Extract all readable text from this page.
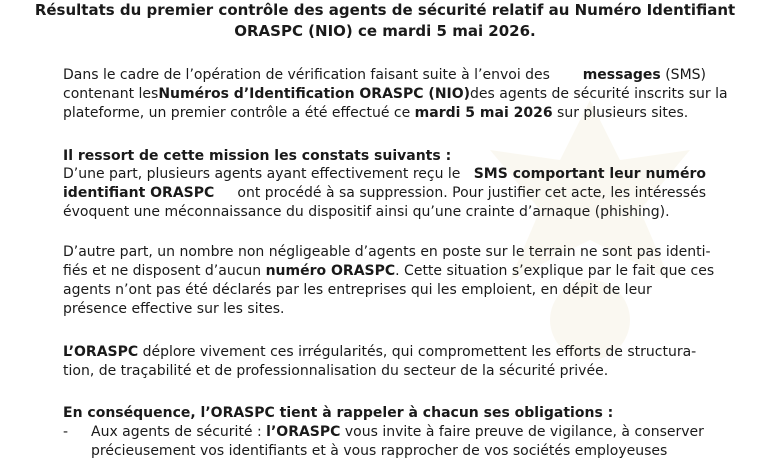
Résultats du premier contrôle des agents de sécurité relatif au Numéro Identifiant
ORASPC (NIO) ce mardi 5 mai 2026.
Dans le cadre de l’opération de vérification faisant suite à l’envoi des messages (SMS)
contenant les Numéros d’Identification ORASPC (NIO) des agents de sécurité inscrits sur la
plateforme, un premier contrôle a été effectué ce mardi 5 mai 2026 sur plusieurs sites.
Il ressort de cette mission les constats suivants :
D’une part, plusieurs agents ayant effectivement reçu le SMS comportant leur numéro
identifiant ORASPC ont procédé à sa suppression. Pour justifier cet acte, les intéressés
évoquent une méconnaissance du dispositif ainsi qu’une crainte d’arnaque (phishing).
D’autre part, un nombre non négligeable d’agents en poste sur le terrain ne sont pas identi-
fiés et ne disposent d’aucun numéro ORASPC. Cette situation s’explique par le fait que ces
agents n’ont pas été déclarés par les entreprises qui les emploient, en dépit de leur
présence effective sur les sites.
L’ORASPC déplore vivement ces irrégularités, qui compromettent les efforts de structura-
tion, de traçabilité et de professionnalisation du secteur de la sécurité privée.
En conséquence, l’ORASPC tient à rappeler à chacun ses obligations :
- Aux agents de sécurité : l’ORASPC vous invite à faire preuve de vigilance, à conserver
précieusement vos identifiants et à vous rapprocher de vos sociétés employeuses
